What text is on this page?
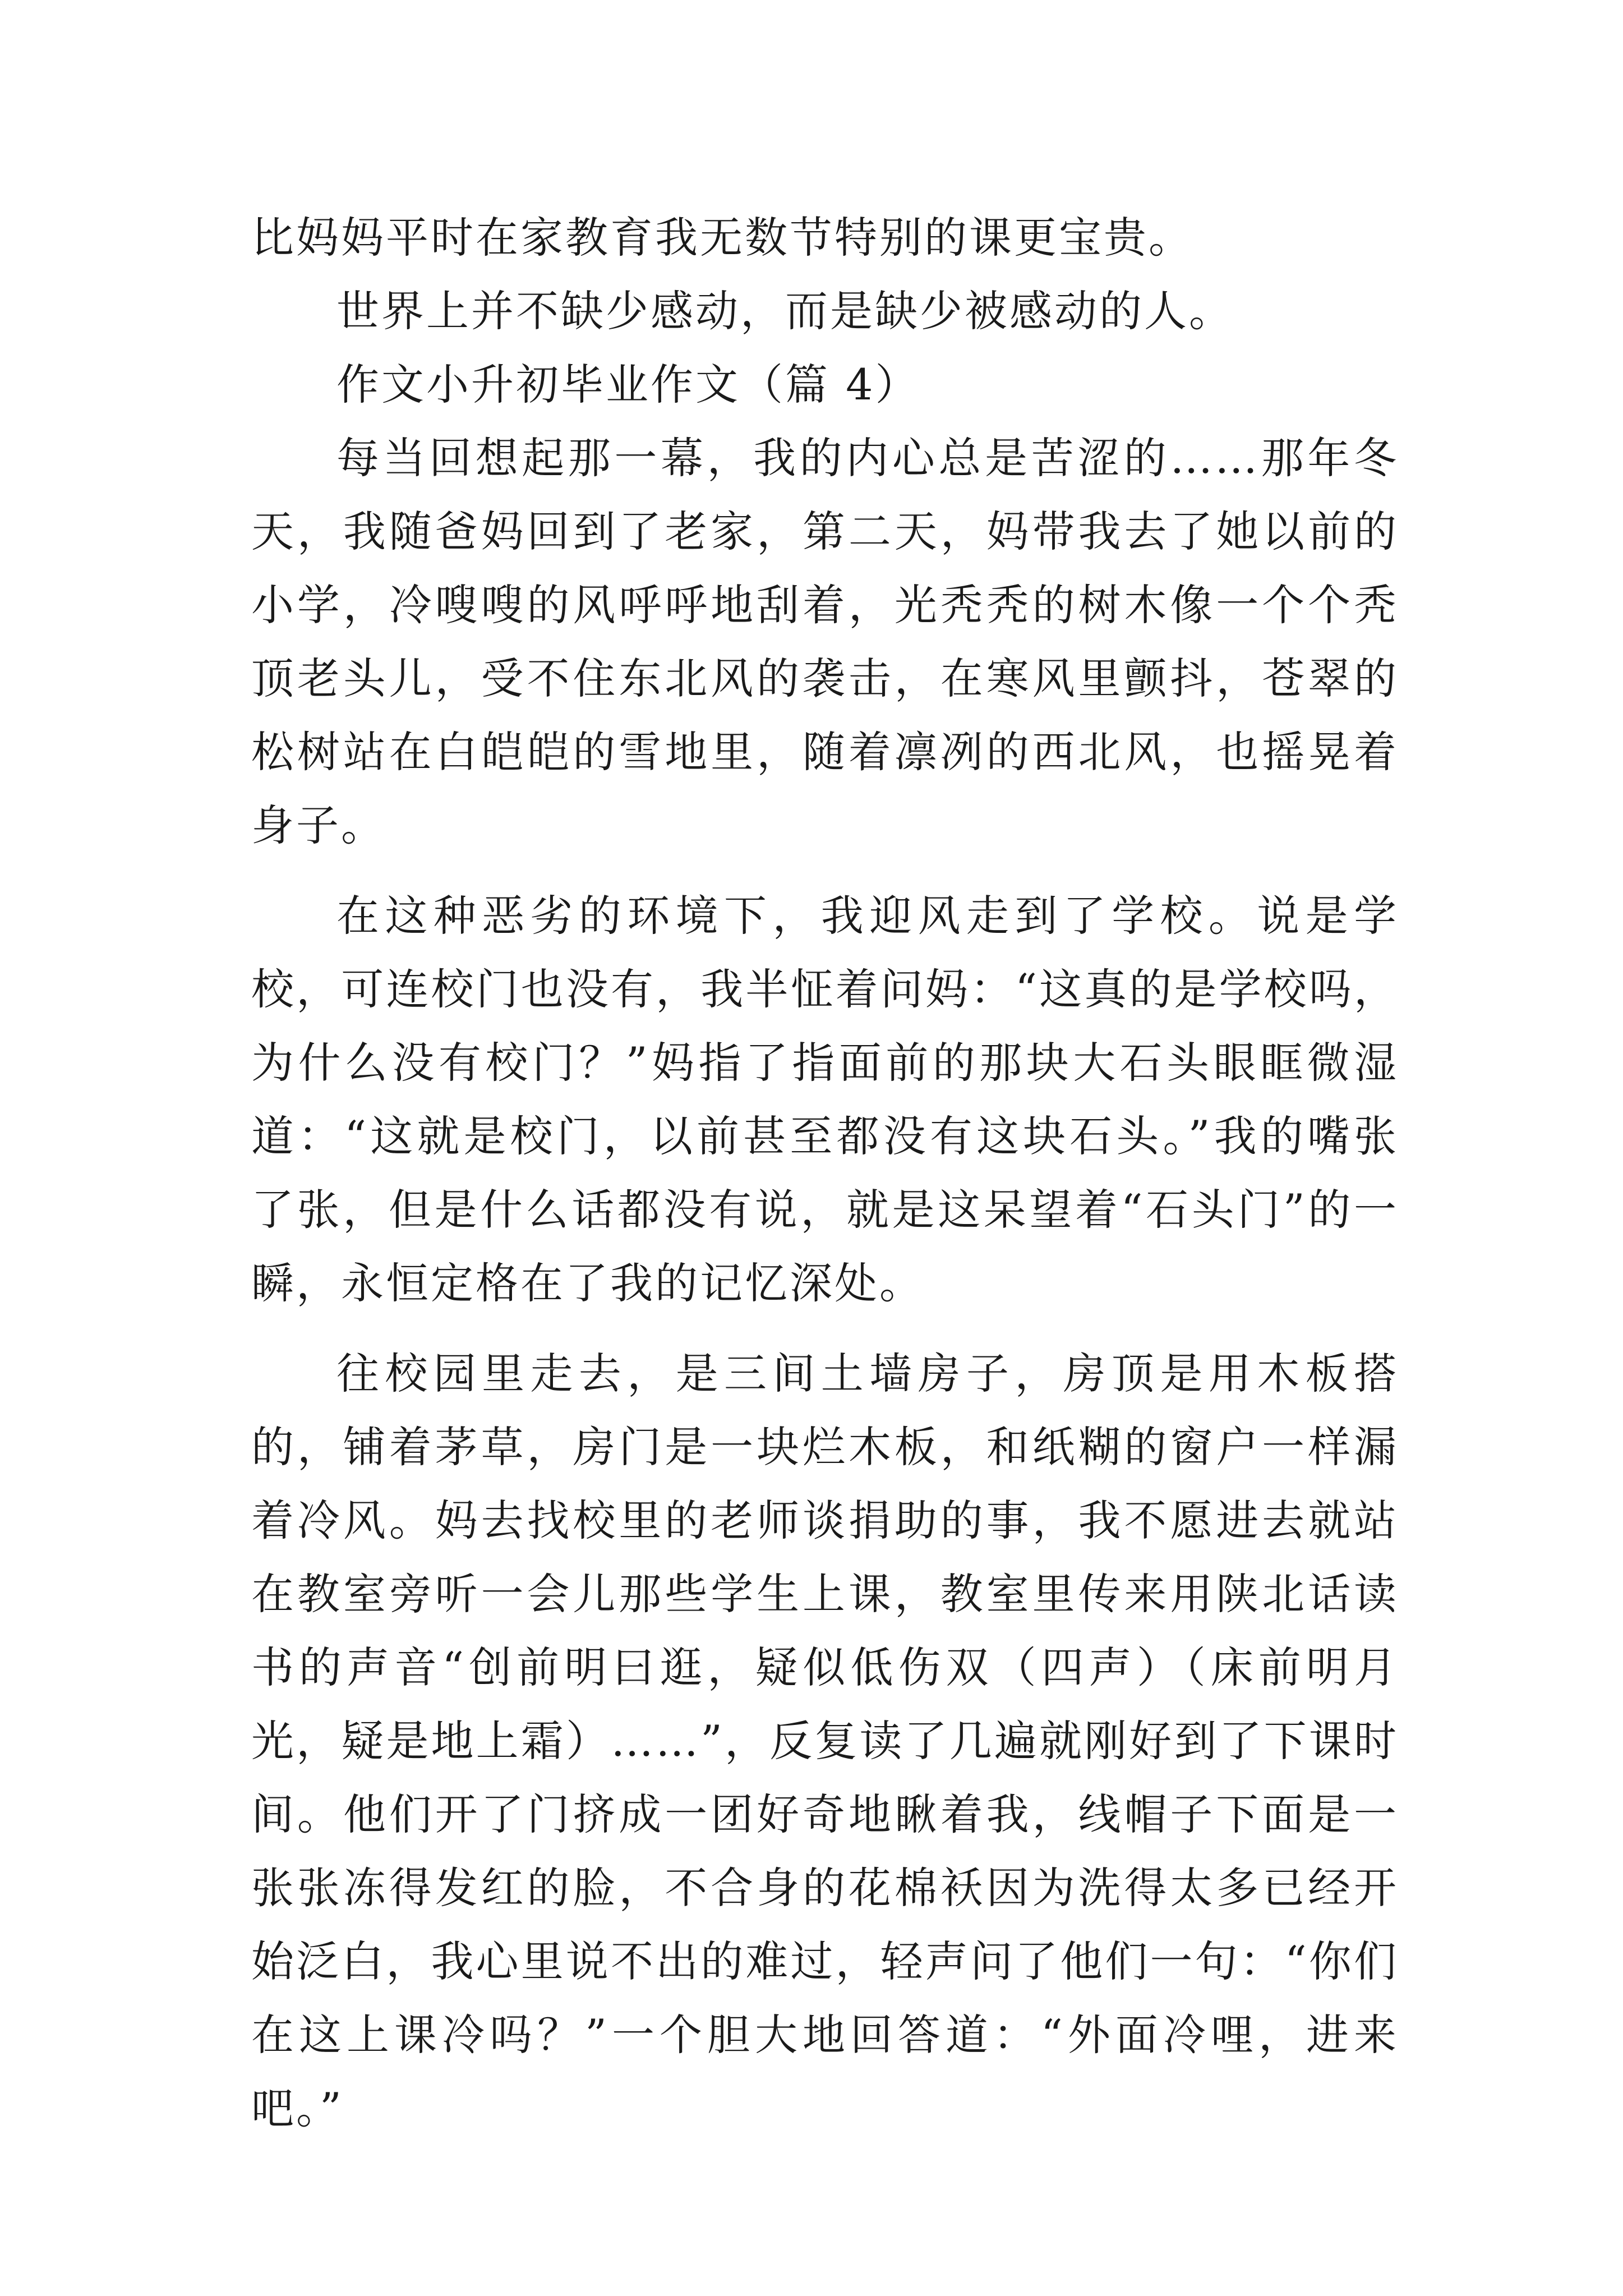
比妈妈平时在家教育我无数节特别的课更宝贵。

世界上并不缺少感动，而是缺少被感动的人。

作文小升初毕业作文（篇 4）

每当回想起那一幕，我的内心总是苦涩的……那年冬天，我随爸妈回到了老家，第二天，妈带我去了她以前的小学，冷嗖嗖的风呼呼地刮着，光秃秃的树木像一个个秃顶老头儿，受不住东北风的袭击，在寒风里颤抖，苍翠的松树站在白皑皑的雪地里，随着凛冽的西北风，也摇晃着身子。

在这种恶劣的环境下，我迎风走到了学校。说是学校，可连校门也没有，我半怔着问妈：“这真的是学校吗，为什么没有校门？”妈指了指面前的那块大石头眼眶微湿道：“这就是校门，以前甚至都没有这块石头。”我的嘴张了张，但是什么话都没有说，就是这呆望着“石头门”的一瞬，永恒定格在了我的记忆深处。

往校园里走去，是三间土墙房子，房顶是用木板搭的，铺着茅草，房门是一块烂木板，和纸糊的窗户一样漏着冷风。妈去找校里的老师谈捐助的事，我不愿进去就站在教室旁听一会儿那些学生上课，教室里传来用陕北话读书的声音“创前明曰逛，疑似低伤双（四声）（床前明月光，疑是地上霜）……”，反复读了几遍就刚好到了下课时间。他们开了门挤成一团好奇地瞅着我，线帽子下面是一张张冻得发红的脸，不合身的花棉袄因为洗得太多已经开始泛白，我心里说不出的难过，轻声问了他们一句：“你们在这上课冷吗？”一个胆大地回答道：“外面冷哩，进来吧。”
